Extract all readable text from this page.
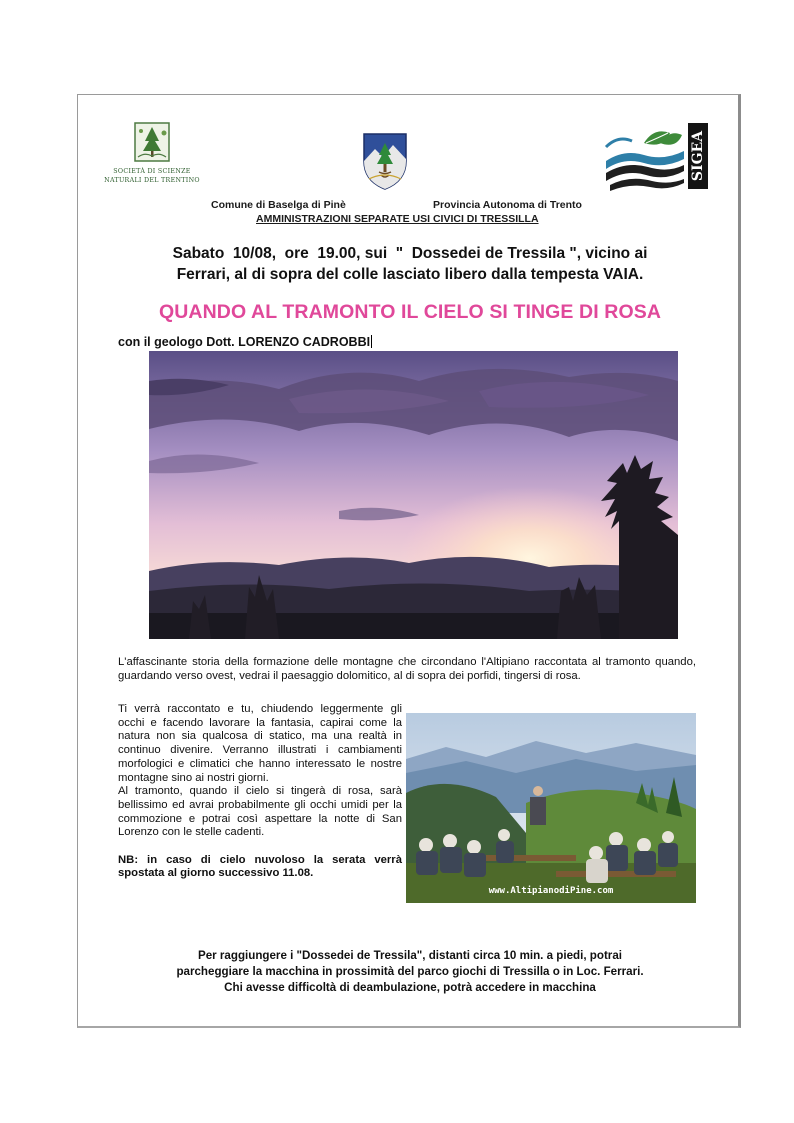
SOCIETÀ DI SCIENZE
NATURALI DEL TRENTINO	SIGEA
Comune di Baselga di Pinè	Provincia Autonoma di Trento
AMMINISTRAZIONI SEPARATE USI CIVICI DI TRESSILLA
Sabato  10/08,  ore  19.00, sui  "  Dossedei de Tressila ", vicino ai
Ferrari, al di sopra del colle lasciato libero dalla tempesta VAIA.
QUANDO AL TRAMONTO IL CIELO SI TINGE DI ROSA
con il geologo Dott. LORENZO CADROBBI
L'affascinante storia della formazione delle montagne che circondano l'Altipiano raccontata al tramonto quando, guardando verso ovest, vedrai il paesaggio dolomitico, al di sopra dei porfidi, tingersi di rosa.

Ti verrà raccontato e tu, chiudendo leggermente gli occhi e facendo lavorare la fantasia, capirai come la natura non sia qualcosa di statico, ma una realtà in continuo divenire. Verranno illustrati i cambiamenti morfologici e climatici che hanno interessato le nostre montagne sino ai nostri giorni.

Al tramonto, quando il cielo si tingerà di rosa, sarà bellissimo ed avrai probabilmente gli occhi umidi per la commozione e potrai così aspettare la notte di San Lorenzo con le stelle cadenti.

NB: in caso di cielo nuvoloso la serata verrà spostata al giorno successivo 11.08.

www.AltipianodiPine.com
Per raggiungere i "Dossedei de Tressila", distanti circa 10 min. a piedi, potrai
parcheggiare la macchina in prossimità del parco giochi di Tressilla o in Loc. Ferrari.
Chi avesse difficoltà di deambulazione, potrà accedere in macchina
